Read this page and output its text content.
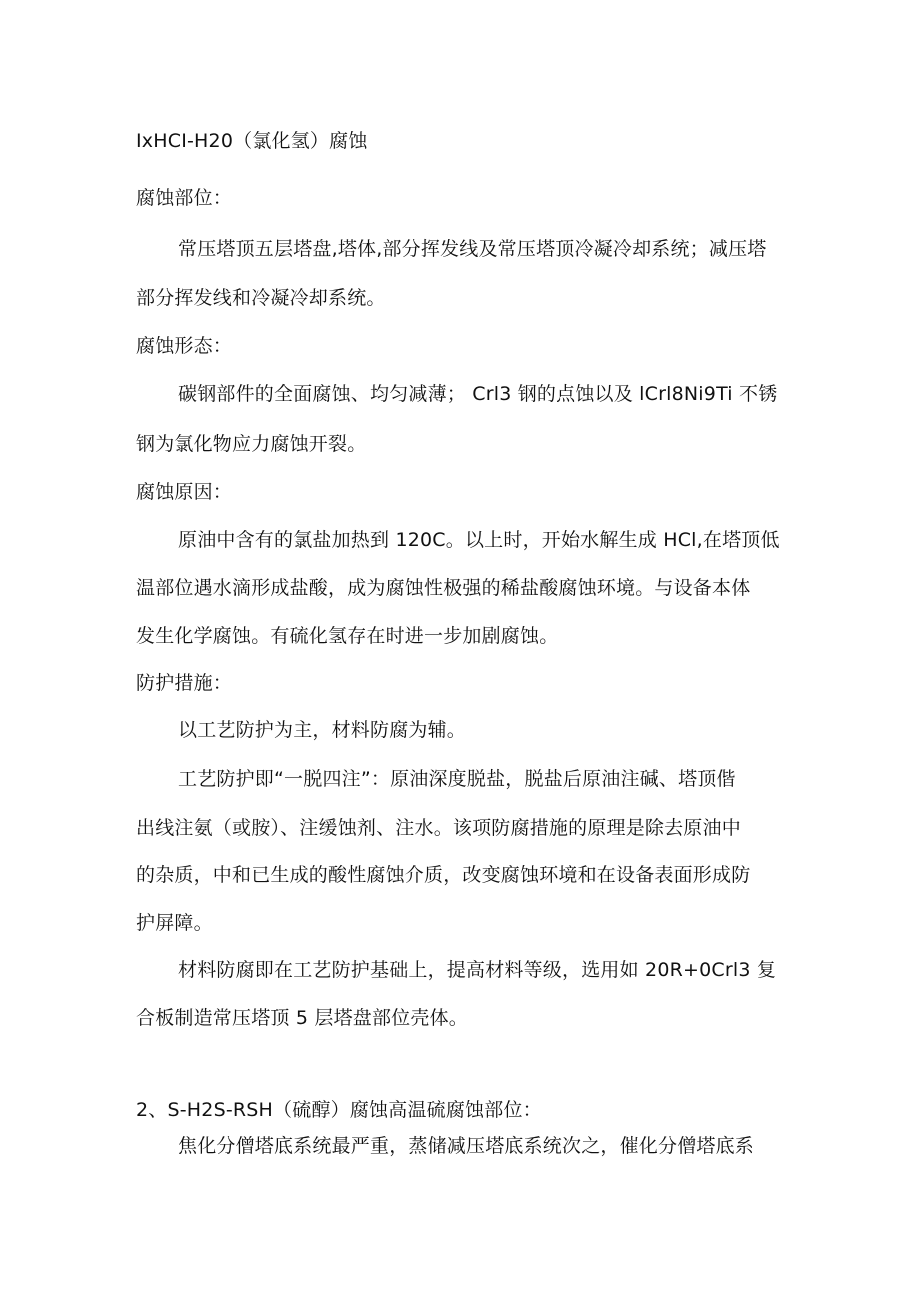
IxHCI-H20（氯化氢）腐蚀

腐蚀部位：

常压塔顶五层塔盘,塔体,部分挥发线及常压塔顶冷凝冷却系统；减压塔

部分挥发线和冷凝冷却系统。

腐蚀形态：

碳钢部件的全面腐蚀、均匀减薄； Crl3 钢的点蚀以及 lCrl8Ni9Ti 不锈

钢为氯化物应力腐蚀开裂。

腐蚀原因：

原油中含有的氯盐加热到 120C。以上时，开始水解生成 HCl,在塔顶低

温部位遇水滴形成盐酸，成为腐蚀性极强的稀盐酸腐蚀环境。与设备本体

发生化学腐蚀。有硫化氢存在时进一步加剧腐蚀。

防护措施：

以工艺防护为主，材料防腐为辅。

工艺防护即“一脱四注”：原油深度脱盐，脱盐后原油注碱、塔顶偕

出线注氨（或胺）、注缓蚀剂、注水。该项防腐措施的原理是除去原油中

的杂质，中和已生成的酸性腐蚀介质，改变腐蚀环境和在设备表面形成防

护屏障。

材料防腐即在工艺防护基础上，提高材料等级，选用如 20R+0Crl3 复

合板制造常压塔顶 5 层塔盘部位壳体。

2、S-H2S-RSH（硫醇）腐蚀高温硫腐蚀部位：

焦化分僧塔底系统最严重，蒸储减压塔底系统次之，催化分僧塔底系
